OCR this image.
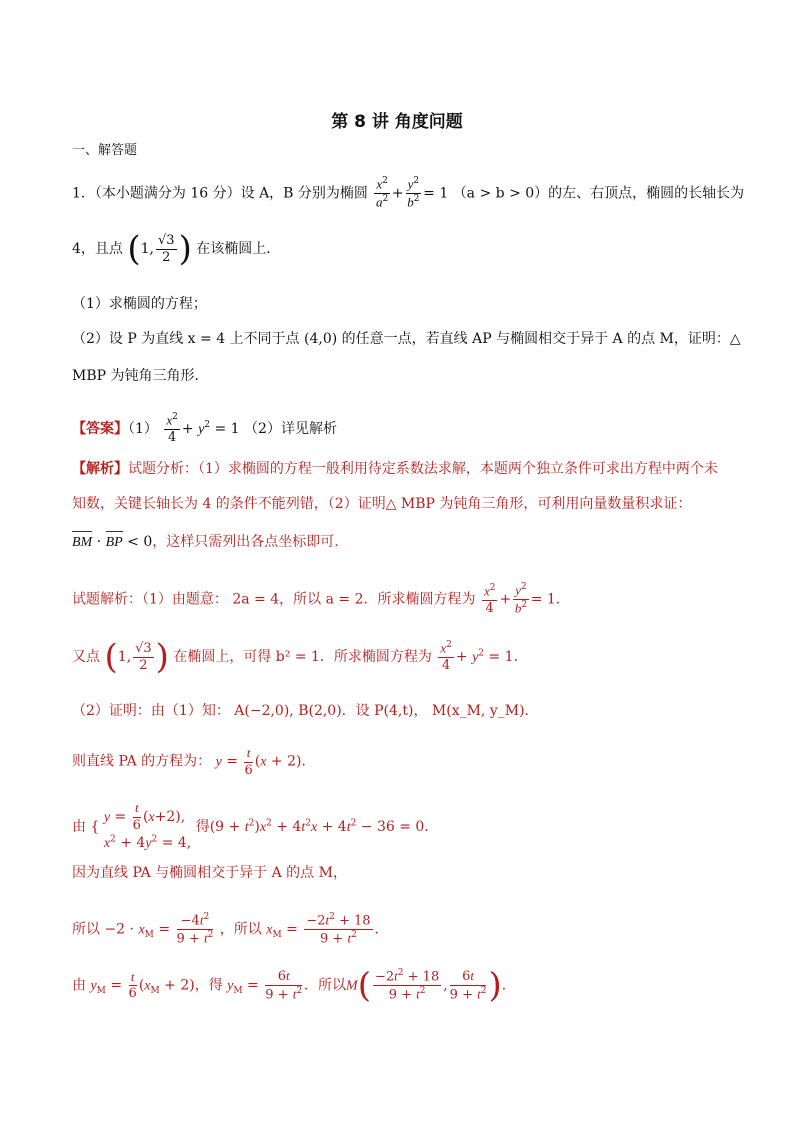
第 8 讲 角度问题
一、解答题
1．（本小题满分为 16 分）设 A，B 分别为椭圆 $\frac{x^2}{a^2} + \frac{y^2}{b^2} = 1$ （a > b > 0）的左、右顶点，椭圆的长轴长为
4，且点 (1, $\frac{√3}{2}$ ) 在该椭圆上．
（1）求椭圆的方程；
（2）设 P 为直线 x = 4 上不同于点 (4,0) 的任意一点，若直线 AP 与椭圆相交于异于 A 的点 M，证明：△
MBP 为钝角三角形．
【答案】$(1) \frac{x^2}{4} + y^2 = 1$ （2）详见解析
【解析】试题分析：（1）求椭圆的方程一般利用待定系数法求解，本题两个独立条件可求出方程中两个未
知数，关键长轴长为 4 的条件不能列错，（2）证明△ MBP 为钝角三角形，可利用向量数量积求证：
BM · BP < 0，这样只需列出各点坐标即可.
试题解析：（1）由题意： 2a = 4，所以 a = 2．所求椭圆方程为 $\frac{x^2}{4} + \frac{y^2}{b^2} = 1$．
又点 (1, $\frac{√3}{2}$ ) 在椭圆上，可得 b² = 1．所求椭圆方程为 $\frac{x^2}{4} + y^2 = 1$．
（2）证明：由（1）知： A(−2,0), B(2,0)．设 P(4,t)， M(x_M, y_M)．
则直线 PA 的方程为： $y = \frac{t}{6} (x + 2)$．
由 { $y = \frac{t}{6} (x+2)$,
$x^2 + 4y^2 = 4$, 得$(9 + t^2)x^2 + 4t^2x + 4t^2 - 36 = 0$．
因为直线 PA 与椭圆相交于异于 A 的点 M，
所以 $-2 \cdot x_M = \frac{-4t^2}{9 + t^2}$ ，所以 $x_M = \frac{-2t^2 + 18}{9 + t^2}$ ．
由 $y_M = \frac{t}{6} (x_M + 2)$，得 $y_M = \frac{6t}{9 + t^2}$ ．所以$M( \frac{-2t^2 + 18}{9 + t^2}$ , $\frac{6t}{9 + t^2}$ )．
